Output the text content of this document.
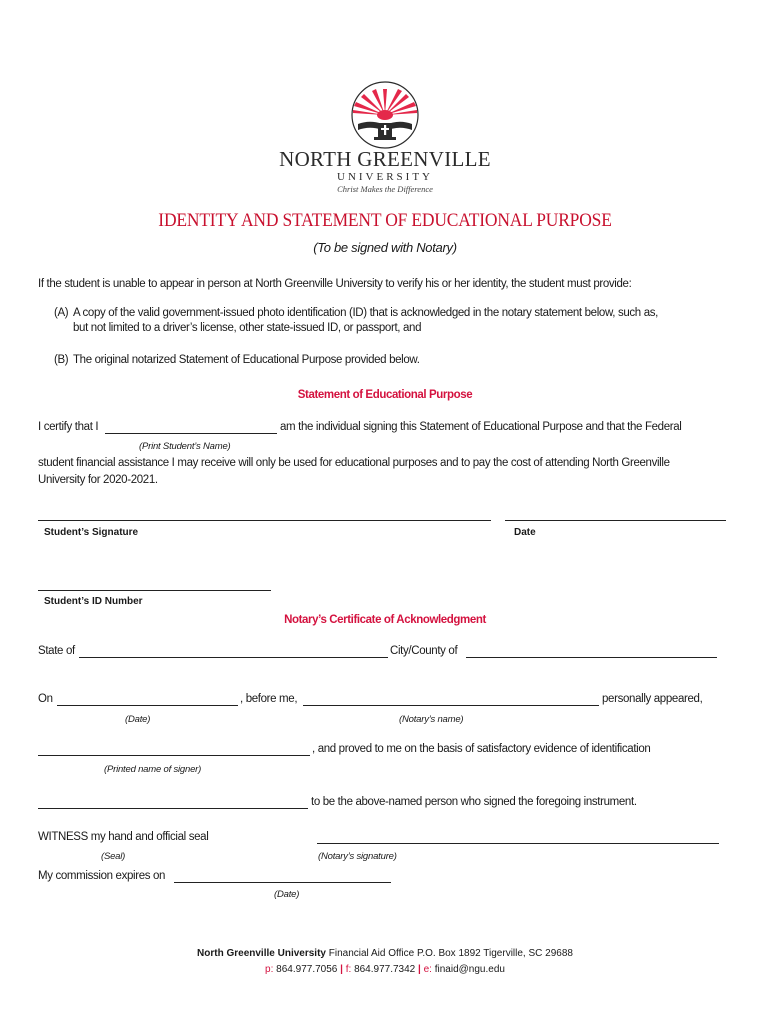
NORTH GREENVILLE
UNIVERSITY
Christ Makes the Difference
IDENTITY AND STATEMENT OF EDUCATIONAL PURPOSE
(To be signed with Notary)
If the student is unable to appear in person at North Greenville University to verify his or her identity, the student must provide:
(A) A copy of the valid government-issued photo identification (ID) that is acknowledged in the notary statement below, such as,
but not limited to a driver’s license, other state-issued ID, or passport, and
(B) The original notarized Statement of Educational Purpose provided below.
Statement of Educational Purpose
I certify that I	am the individual signing this Statement of Educational Purpose and that the Federal
(Print Student’s Name)
student financial assistance I may receive will only be used for educational purposes and to pay the cost of attending North Greenville
University for 2020-2021.
Student’s Signature	Date
Student’s ID Number
Notary’s Certificate of Acknowledgment
State of	City/County of
On	, before me,	personally appeared,
(Date)	(Notary’s name)
, and proved to me on the basis of satisfactory evidence of identification
(Printed name of signer)
to be the above-named person who signed the foregoing instrument.
WITNESS my hand and official seal
(Seal)	(Notary’s signature)
My commission expires on
(Date)
North Greenville University Financial Aid Office P.O. Box 1892 Tigerville, SC 29688
p: 864.977.7056 | f: 864.977.7342 | e: finaid@ngu.edu
